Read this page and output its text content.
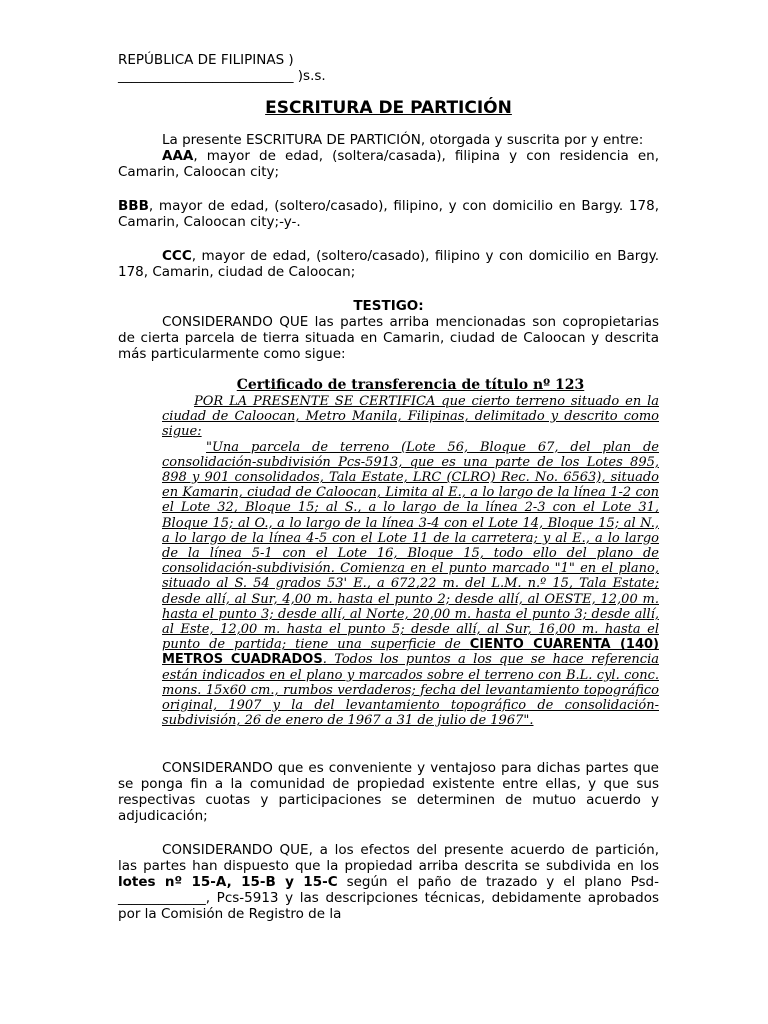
REPÚBLICA DE FILIPINAS )

__________________________ )s.s.

ESCRITURA DE PARTICIÓN

La presente ESCRITURA DE PARTICIÓN, otorgada y suscrita por y entre:

AAA, mayor de edad, (soltera/casada), filipina y con residencia en, Camarin, Caloocan city;

BBB, mayor de edad, (soltero/casado), filipino, y con domicilio en Bargy. 178, Camarin, Caloocan city;-y-.

CCC, mayor de edad, (soltero/casado), filipino y con domicilio en Bargy. 178, Camarin, ciudad de Caloocan;

TESTIGO:

CONSIDERANDO QUE las partes arriba mencionadas son copropietarias de cierta parcela de tierra situada en Camarin, ciudad de Caloocan y descrita más particularmente como sigue:

Certificado de transferencia de título nº 123

POR LA PRESENTE SE CERTIFICA que cierto terreno situado en la ciudad de Caloocan, Metro Manila, Filipinas, delimitado y descrito como sigue:

"Una parcela de terreno (Lote 56, Bloque 67, del plan de consolidación-subdivisión Pcs-5913, que es una parte de los Lotes 895, 898 y 901 consolidados, Tala Estate, LRC (CLRO) Rec. No. 6563), situado en Kamarin, ciudad de Caloocan, Limita al E., a lo largo de la línea 1-2 con el Lote 32, Bloque 15; al S., a lo largo de la línea 2-3 con el Lote 31, Bloque 15; al O., a lo largo de la línea 3-4 con el Lote 14, Bloque 15; al N., a lo largo de la línea 4-5 con el Lote 11 de la carretera; y al E., a lo largo de la línea 5-1 con el Lote 16, Bloque 15, todo ello del plano de consolidación-subdivisión. Comienza en el punto marcado "1" en el plano, situado al S. 54 grados 53' E., a 672,22 m. del L.M. n.º 15, Tala Estate; desde allí, al Sur, 4,00 m. hasta el punto 2; desde allí, al OESTE, 12,00 m. hasta el punto 3; desde allí, al Norte, 20,00 m. hasta el punto 3; desde allí, al Este, 12,00 m. hasta el punto 5; desde allí, al Sur, 16,00 m. hasta el punto de partida; tiene una superficie de CIENTO CUARENTA (140) METROS CUADRADOS. Todos los puntos a los que se hace referencia están indicados en el plano y marcados sobre el terreno con B.L. cyl. conc. mons. 15x60 cm., rumbos verdaderos; fecha del levantamiento topográfico original, 1907 y la del levantamiento topográfico de consolidación-subdivisión, 26 de enero de 1967 a 31 de julio de 1967".

CONSIDERANDO que es conveniente y ventajoso para dichas partes que se ponga fin a la comunidad de propiedad existente entre ellas, y que sus respectivas cuotas y participaciones se determinen de mutuo acuerdo y adjudicación;

CONSIDERANDO QUE, a los efectos del presente acuerdo de partición, las partes han dispuesto que la propiedad arriba descrita se subdivida en los lotes nº 15-A, 15-B y 15-C según el paño de trazado y el plano Psd-_____________, Pcs-5913 y las descripciones técnicas, debidamente aprobados por la Comisión de Registro de la
